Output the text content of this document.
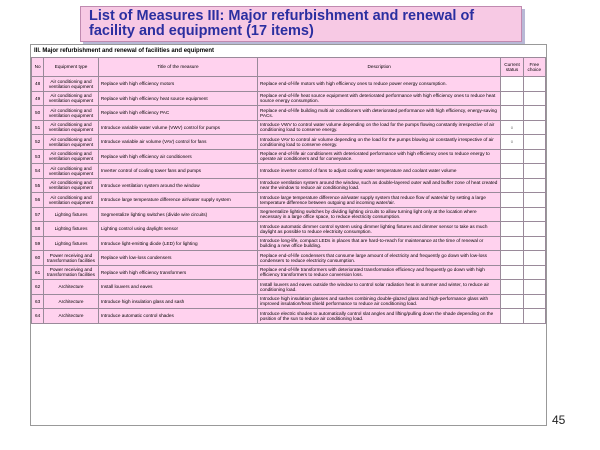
List of Measures III: Major refurbishment and renewal of facility and equipment (17 items)
III. Major refurbishment and renewal of facilities and equipment
No	Equipment type	Title of the measure	Description	Current status	Free choice
48	Air conditioning and ventilation equipment	Replace with high efficiency motors	Replace end-of-life motors with high efficiency ones to reduce power energy consumption.		
49	Air conditioning and ventilation equipment	Replace with high efficiency heat source equipment	Replace end-of-life heat source equipment with deteriorated performance with high efficiency ones to reduce heat source energy consumption.		
50	Air conditioning and ventilation equipment	Replace with high efficiency PAC	Replace end-of-life building multi air conditioners with deteriorated performance with high efficiency, energy-saving PACs.		
51	Air conditioning and ventilation equipment	Introduce variable water volume (VWV) control for pumps	Introduce VWV to control water volume depending on the load for the pumps flowing constantly irrespective of air conditioning load to conserve energy.	○	
52	Air conditioning and ventilation equipment	Introduce variable air volume (VAV) control for fans	Introduce VAV to control air volume depending on the load for the pumps blowing air constantly irrespective of air conditioning load to conserve energy.	○	
53	Air conditioning and ventilation equipment	Replace with high efficiency air conditioners	Replace end-of-life air conditioners with deteriorated performance with high efficiency ones to reduce energy to operate air conditioners and for conveyance.		
54	Air conditioning and ventilation equipment	Inverter control of cooling tower fans and pumps	Introduce inverter control of fans to adjust cooling water temperature and coolant water volume		
55	Air conditioning and ventilation equipment	Introduce ventilation system around the window	Introduce ventilation system around the window, such as double-layered outer wall and buffer zone of heat created near the window to reduce air conditioning load.		
56	Air conditioning and ventilation equipment	Introduce large temperature difference air/water supply system	Introduce large temperature difference air/water supply system that reduce flow of water/air by setting a large temperature difference between outgoing and incoming water/air.		
57	Lighting fixtures	Segmentalize lighting switches (divide wire circuits)	Segmentalize lighting switches by dividing lighting circuits to allow turning light only at the location where necessary in a large office space, to reduce electricity consumption.		
58	Lighting fixtures	Lighting control using daylight sensor	Introduce automatic dimmer control system using dimmer lighting fixtures and dimmer sensor to take as much daylight as possible to reduce electricity consumption.		
59	Lighting fixtures	Introduce light-emitting diode (LED) for lighting	Introduce long-life, compact LEDs in places that are hard-to-reach for maintenance at the time of renewal or building a new office building.		
60	Power receiving and transformation facilities	Replace with low-loss condensers	Replace end-of-life condensers that consume large amount of electricity and frequently go down with low-loss condensers to reduce electricity consumption.		
61	Power receiving and transformation facilities	Replace with high efficiency transformers	Replace end-of-life transformers with deteriorated transformation efficiency and frequently go down with high efficiency transformers to reduce conversion loss.		
62	Architecture	Install louvers and eaves	Install louvers and eaves outside the window to control solar radiation heat in summer and winter, to reduce air conditioning load.		
63	Architecture	Introduce high insulation glass and sash	Introduce high insulation glasses and sashes combining double-glazed glass and high-performance glass with improved insulation/heat shield performance to reduce air conditioning load.		
64	Architecture	Introduce automatic control shades	Introduce electric shades to automatically control slat angles and lifting/pulling down the shade depending on the position of the sun to reduce air conditioning load.		
45
